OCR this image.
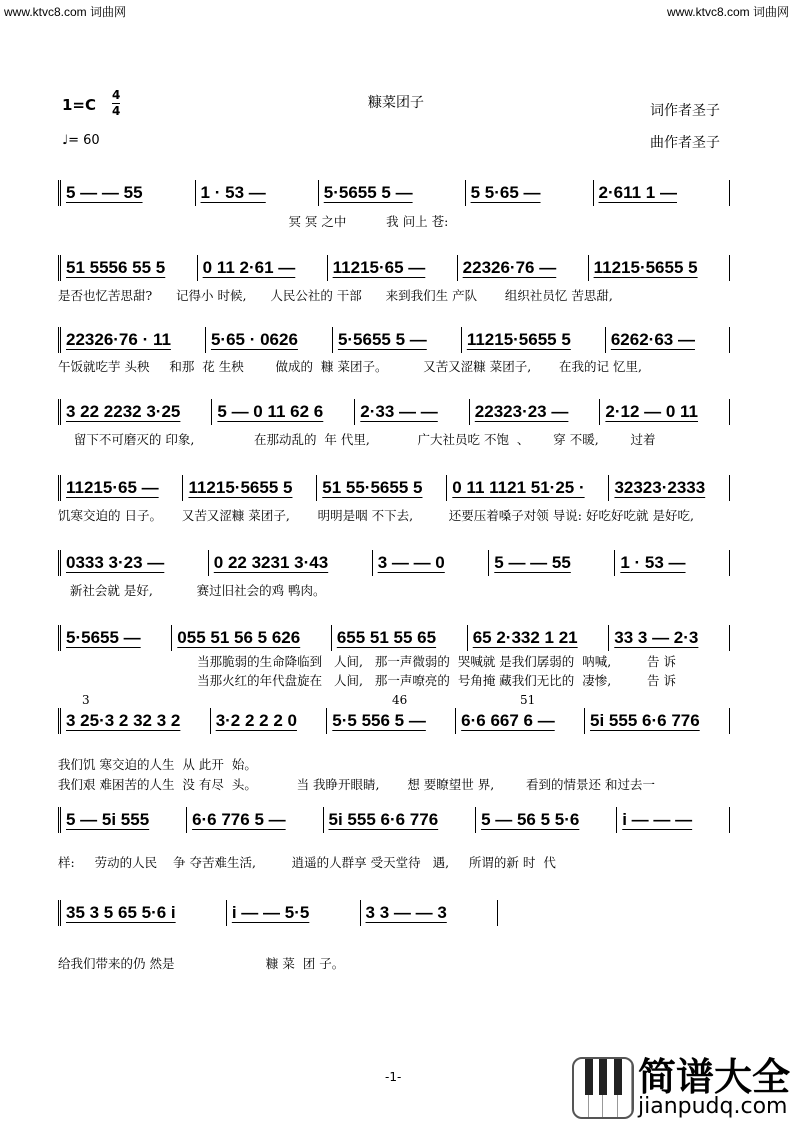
www.ktvc8.com 词曲网	www.ktvc8.com 词曲网
糠菜团子
1=C
4
4
♩= 60
词作者圣子
曲作者圣子
5 — — 55	1 · 53 —	5·5655 5 —	5 5·65 —	2·611 1 —
冥 冥 之中          我 问上 苍:
51 5556 55 5	0 11 2·61 —	11215·65 —	22326·76 —	11215·5655 5
是否也忆苦思甜?      记得小 时候,      人民公社的 干部      来到我们生 产队       组织社员忆 苦思甜,
22326·76 · 11	5·65 · 0626	5·5655 5 —	11215·5655 5	6262·63 —
午饭就吃芋 头秧     和那  花 生秧        做成的  糠 菜团子。         又苦又涩糠 菜团子,       在我的记 忆里,
3 22 2232 3·25	5 — 0 11 62 6	2·33 — —	22323·23 —	2·12 — 0 11
留下不可磨灭的 印象,               在那动乱的  年 代里,            广大社员吃 不饱  、      穿 不暖,        过着
11215·65 —	11215·5655 5	51 55·5655 5	0 11 1121 51·25 ·	32323·2333
饥寒交迫的 日子。     又苦又涩糠 菜团子,       明明是咽 不下去,         还要压着嗓子对领 导说: 好吃好吃就 是好吃,
0333 3·23 —	0 22 3231 3·43	3 — — 0	5 — — 55	1 · 53 —
新社会就 是好,           赛过旧社会的鸡 鸭肉。
5·5655 —	055 51 56 5 626	655 51 55 65	65 2·332 1 21	33 3 — 2·3
当那脆弱的生命降临到   人间,   那一声微弱的  哭喊就 是我们孱弱的  呐喊,         告 诉
当那火红的年代盘旋在   人间,   那一声嘹亮的  号角掩 藏我们无比的  凄惨,         告 诉
3 25·3 2 32 3 2	3·2 2 2 2 0	5·5 556 5 —	6·6 667 6 —	5i 555 6·6 776
我们饥 寒交迫的人生  从 此开  始。
我们艰 难困苦的人生  没 有尽  头。          当 我睁开眼睛,       想 要瞭望世 界,        看到的情景还 和过去一
3	46	51
5 — 5i 555	6·6 776 5 —	5i 555 6·6 776	5 — 56 5 5·6	i — — —
样:     劳动的人民    争 夺苦难生活,         逍遥的人群享 受天堂待   遇,     所谓的新 时  代
35 3 5 65 5·6 i	i — — 5·5	3 3 — — 3
给我们带来的仍 然是                       糠 菜  团 子。
-1-	简谱大全
jianpudq.com
